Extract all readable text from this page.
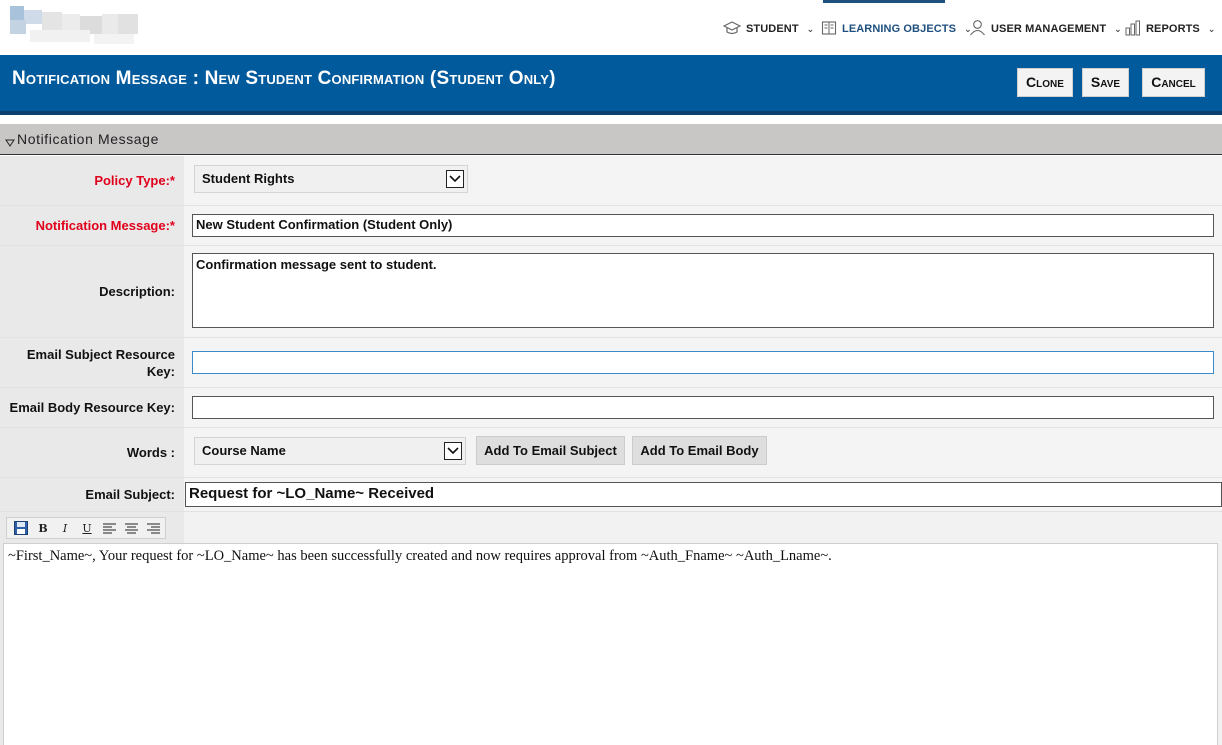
STUDENT ⌄	LEARNING OBJECTS ⌄ USER MANAGEMENT ⌄ REPORTS ⌄
Notification Message : New Student Confirmation (Student Only)	Clone	Save	Cancel
Notification Message
Policy Type:*	Student Rights
Notification Message:*	New Student Confirmation (Student Only)
Description:
Confirmation message sent to student.
Email Subject Resource Key:
Email Body Resource Key:
Words :	Course Name	Add To Email Subject	Add To Email Body
Email Subject: Request for ~LO_Name~ Received
B	I	U
~First_Name~, Your request for ~LO_Name~ has been successfully created and now requires approval from ~Auth_Fname~ ~Auth_Lname~.
